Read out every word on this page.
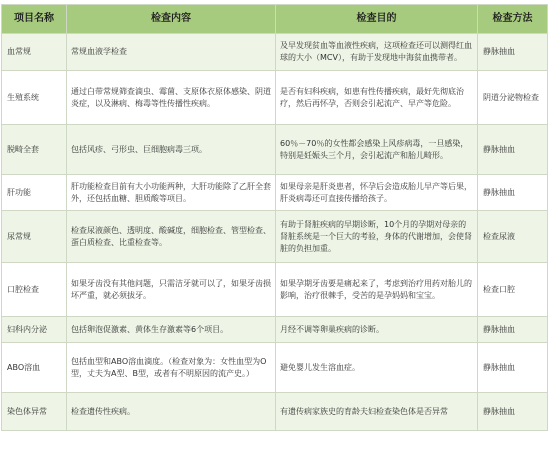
项目名称	检查内容	检查目的	检查方法
血常规	常规血液学检查	及早发现贫血等血液性疾病，这项检查还可以测得红血球的大小（MCV），有助于发现地中海贫血携带者。	静脉抽血
生殖系统	通过白带常规筛查滴虫、霉菌、支原体衣原体感染、阴道炎症，以及淋病、梅毒等性传播性疾病。	是否有妇科疾病，如患有性传播疾病，最好先彻底治疗，然后再怀孕，否则会引起流产、早产等危险。	阴道分泌物检查
脱畸全套	包括风疹、弓形虫、巨细胞病毒三项。	60％－70％的女性都会感染上风疹病毒，一旦感染，特别是妊娠头三个月，会引起流产和胎儿畸形。	静脉抽血
肝功能	肝功能检查目前有大小功能两种，大肝功能除了乙肝全套外，还包括血糖、胆质酸等项目。	如果母亲是肝炎患者，怀孕后会造成胎儿早产等后果，肝炎病毒还可直接传播给孩子。	静脉抽血
尿常规	检查尿液颜色、透明度、酸碱度，细胞检查、管型检查、蛋白质检查、比重检查等。	有助于肾脏疾病的早期诊断，10个月的孕期对母亲的肾脏系统是一个巨大的考验，身体的代谢增加，会使肾脏的负担加重。	检查尿液
口腔检查	如果牙齿没有其他问题，只需洁牙就可以了，如果牙齿损坏严重，就必须拔牙。	如果孕期牙齿要是痛起来了，考虑到治疗用药对胎儿的影响，治疗很棘手，受苦的是孕妈妈和宝宝。	检查口腔
妇科内分泌	包括卵泡促激素、黄体生存激素等6个项目。	月经不调等卵巢疾病的诊断。	静脉抽血
ABO溶血	包括血型和ABO溶血滴度。（检查对象为：女性血型为O型，丈夫为A型、B型，或者有不明原因的流产史。）	避免婴儿发生溶血症。	静脉抽血
染色体异常	检查遗传性疾病。	有遗传病家族史的育龄夫妇检查染色体是否异常	静脉抽血
